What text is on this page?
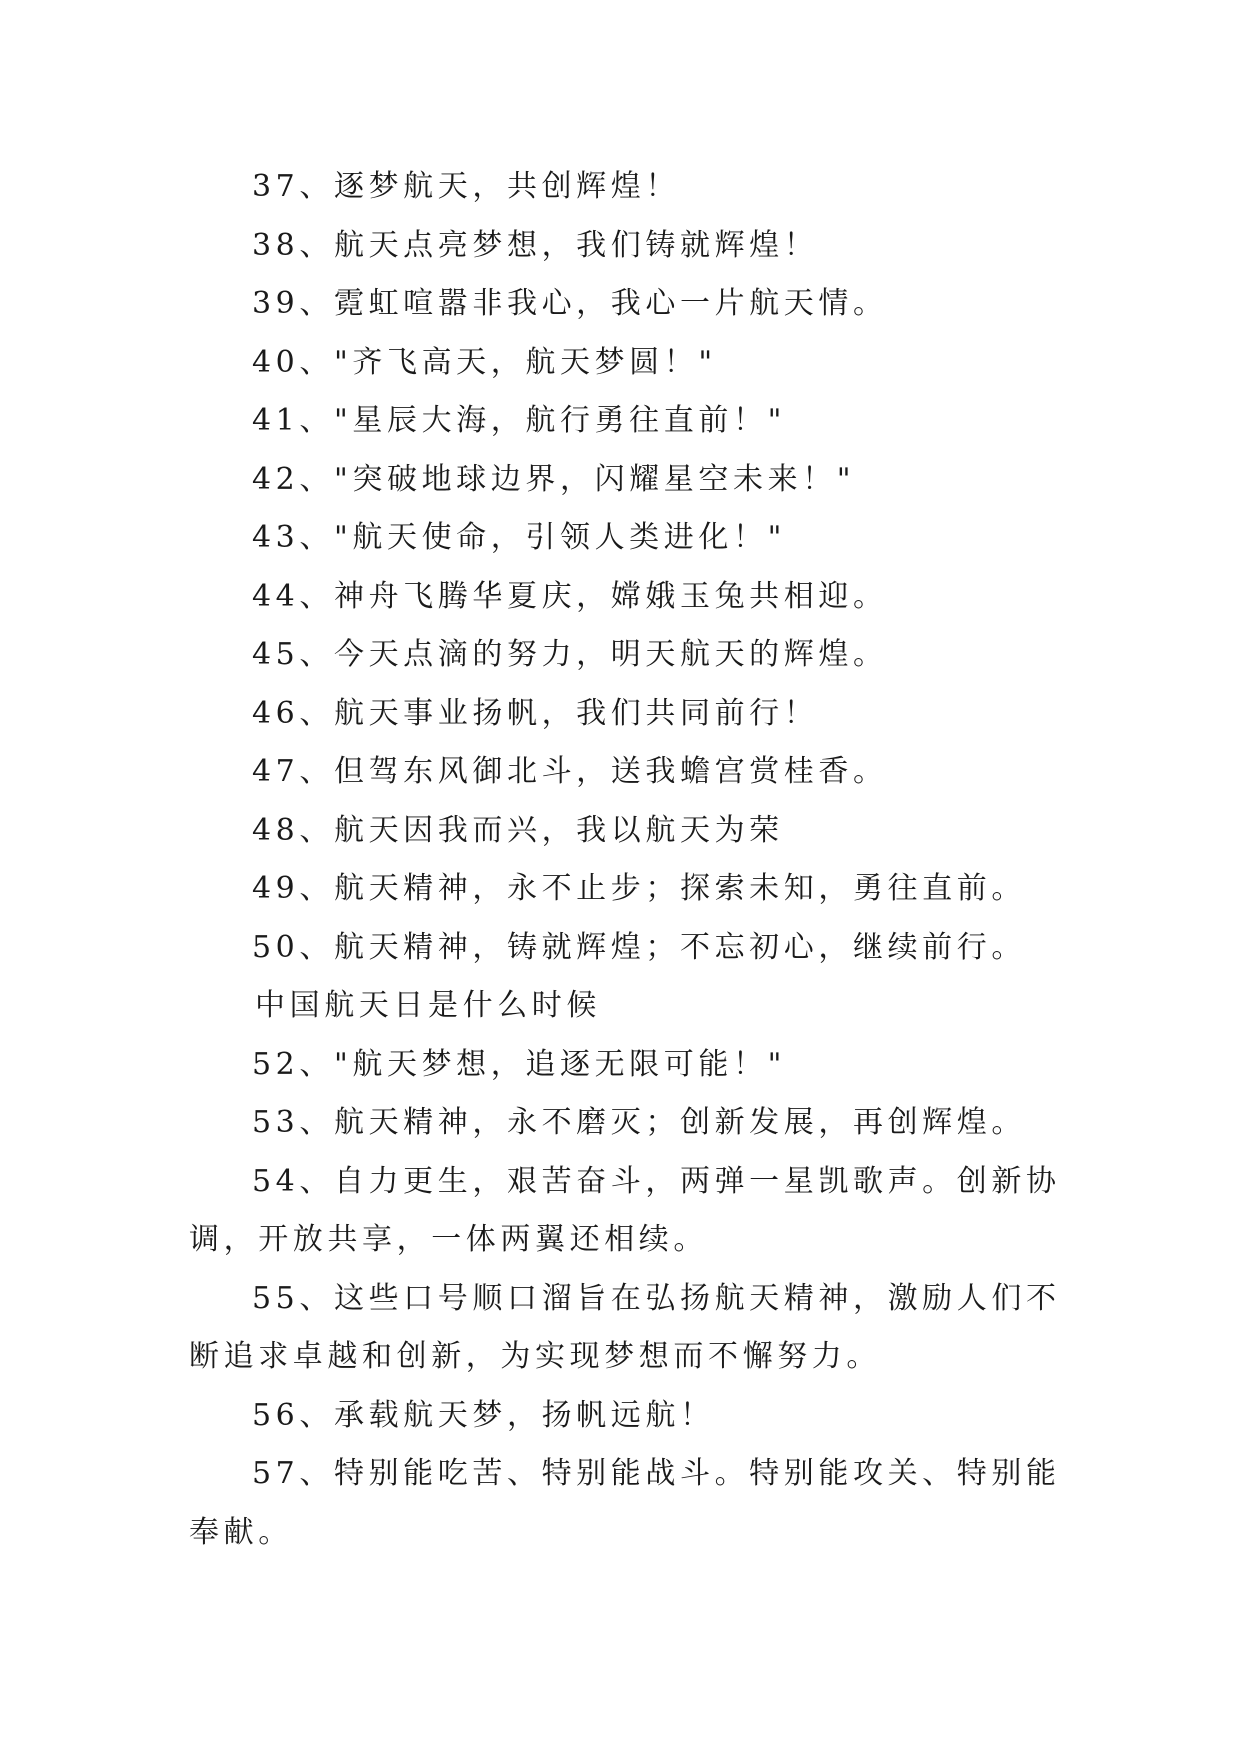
37、逐梦航天，共创辉煌！

38、航天点亮梦想，我们铸就辉煌！

39、霓虹喧嚣非我心，我心一片航天情。

40、"齐飞高天，航天梦圆！"

41、"星辰大海，航行勇往直前！"

42、"突破地球边界，闪耀星空未来！"

43、"航天使命，引领人类进化！"

44、神舟飞腾华夏庆，嫦娥玉兔共相迎。

45、今天点滴的努力，明天航天的辉煌。

46、航天事业扬帆，我们共同前行！

47、但驾东风御北斗，送我蟾宫赏桂香。

48、航天因我而兴，我以航天为荣

49、航天精神，永不止步；探索未知，勇往直前。

50、航天精神，铸就辉煌；不忘初心，继续前行。

中国航天日是什么时候

52、"航天梦想，追逐无限可能！"

53、航天精神，永不磨灭；创新发展，再创辉煌。

54、自力更生，艰苦奋斗，两弹一星凯歌声。创新协调，开放共享，一体两翼还相续。

55、这些口号顺口溜旨在弘扬航天精神，激励人们不断追求卓越和创新，为实现梦想而不懈努力。

56、承载航天梦，扬帆远航！

57、特别能吃苦、特别能战斗。特别能攻关、特别能奉献。
